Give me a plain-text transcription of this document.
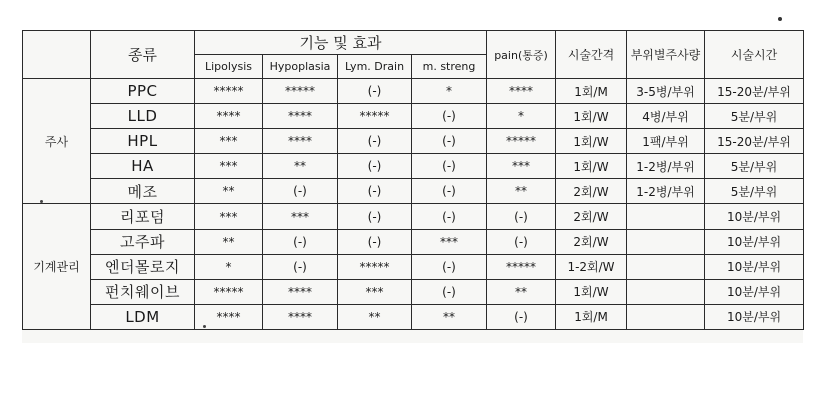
	종류	기능 및 효과				pain(통증)	시술간격	부위별주사량	시술시간
		Lipolysis	Hypoplasia	Lym. Drain	m. streng				
주사	PPC	*****	*****	(-)	*	****	1회/M	3-5병/부위	15-20분/부위
	LLD	****	****	*****	(-)	*	1회/W	4병/부위	5분/부위
	HPL	***	****	(-)	(-)	*****	1회/W	1팩/부위	15-20분/부위
	HA	***	**	(-)	(-)	***	1회/W	1-2병/부위	5분/부위
	메조	**	(-)	(-)	(-)	**	2회/W	1-2병/부위	5분/부위
기계관리	리포덤	***	***	(-)	(-)	(-)	2회/W		10분/부위
	고주파	**	(-)	(-)	***	(-)	2회/W		10분/부위
	엔더몰로지	*	(-)	*****	(-)	*****	1-2회/W		10분/부위
	펀치웨이브	*****	****	***	(-)	**	1회/W		10분/부위
	LDM	****	****	**	**	(-)	1회/M		10분/부위
